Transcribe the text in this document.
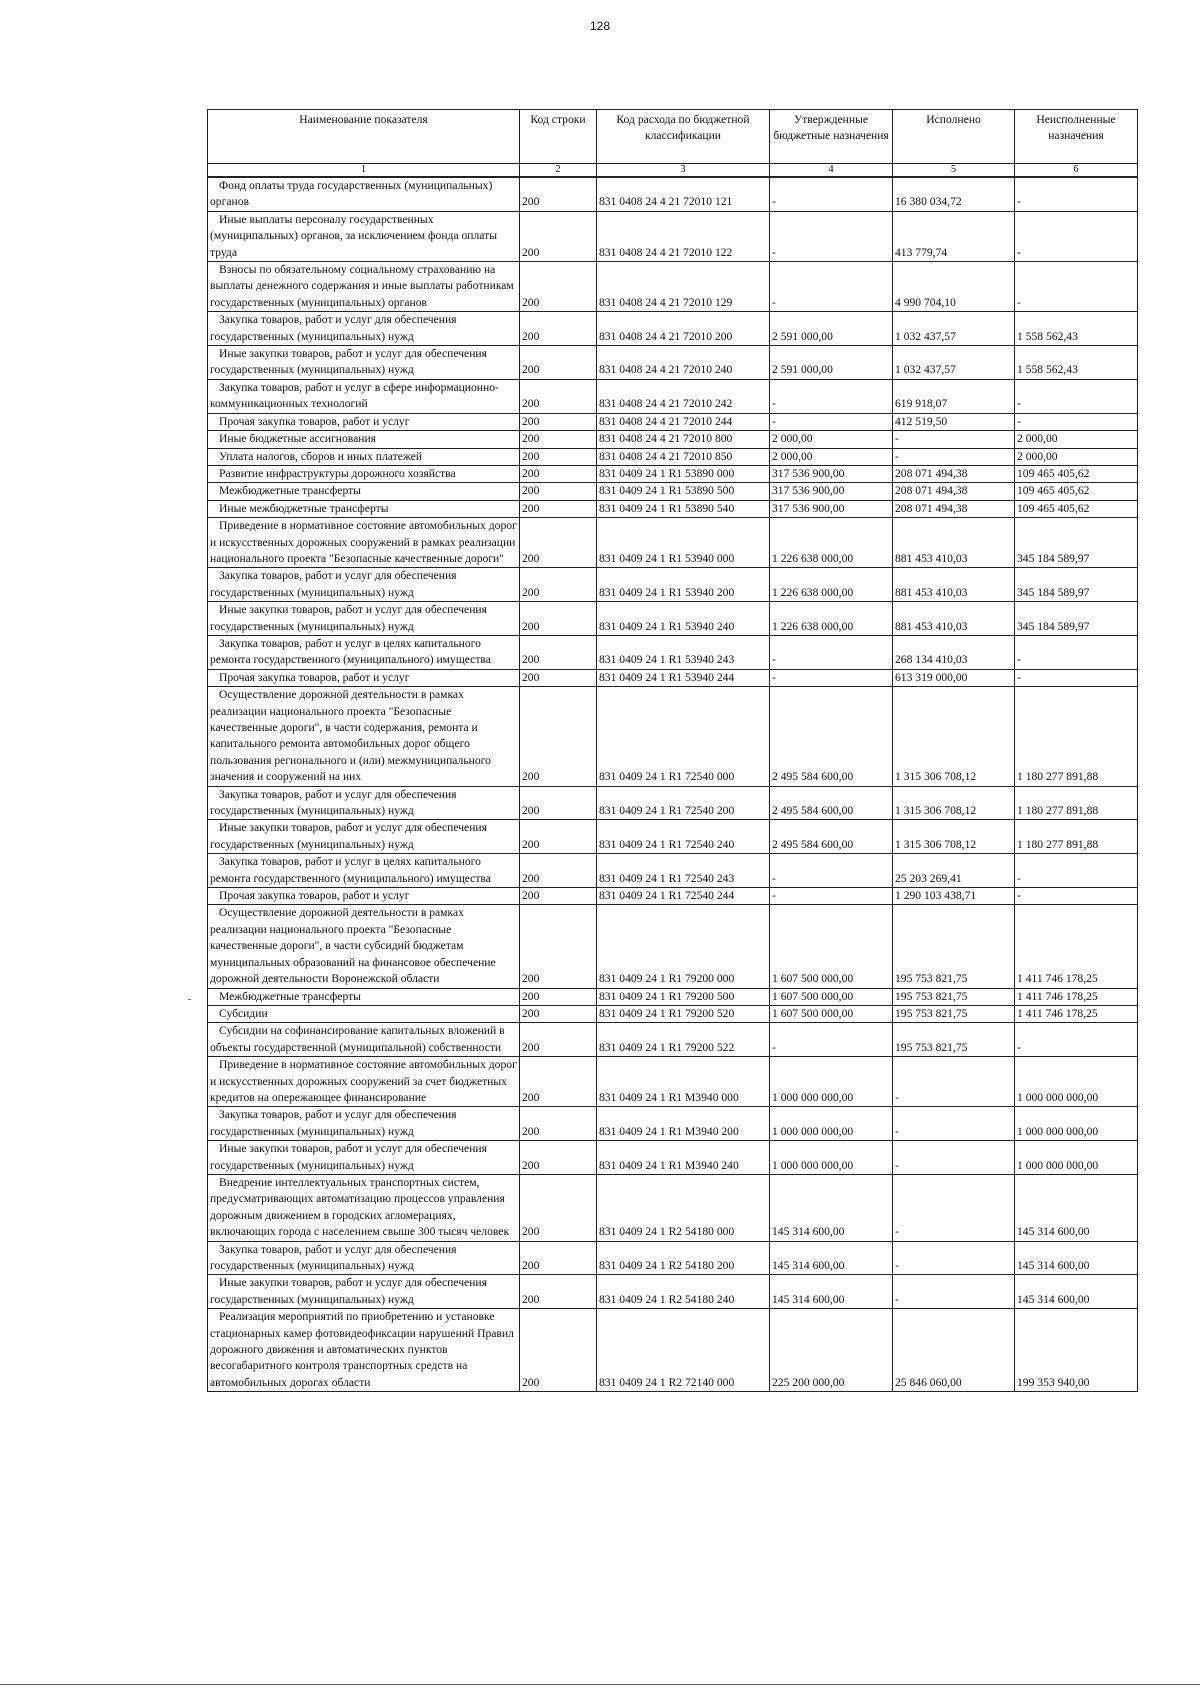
128
Наименование показателя	Код строки	Код расхода по бюджетной классификации	Утвержденные бюджетные назначения	Исполнено	Неисполненные назначения
1	2	3	4	5	6
Фонд оплаты труда государственных (муниципальных) органов	200	831 0408 24 4 21 72010 121	-	16 380 034,72	-
Иные выплаты персоналу государственных (муниципальных) органов, за исключением фонда оплаты труда	200	831 0408 24 4 21 72010 122	-	413 779,74	-
Взносы по обязательному социальному страхованию на выплаты денежного содержания и иные выплаты работникам государственных (муниципальных) органов	200	831 0408 24 4 21 72010 129	-	4 990 704,10	-
Закупка товаров, работ и услуг для обеспечения государственных (муниципальных) нужд	200	831 0408 24 4 21 72010 200	2 591 000,00	1 032 437,57	1 558 562,43
Иные закупки товаров, работ и услуг для обеспечения государственных (муниципальных) нужд	200	831 0408 24 4 21 72010 240	2 591 000,00	1 032 437,57	1 558 562,43
Закупка товаров, работ и услуг в сфере информационно-коммуникационных технологий	200	831 0408 24 4 21 72010 242	-	619 918,07	-
Прочая закупка товаров, работ и услуг	200	831 0408 24 4 21 72010 244	-	412 519,50	-
Иные бюджетные ассигнования	200	831 0408 24 4 21 72010 800	2 000,00	-	2 000,00
Уплата налогов, сборов и иных платежей	200	831 0408 24 4 21 72010 850	2 000,00	-	2 000,00
Развитие инфраструктуры дорожного хозяйства	200	831 0409 24 1 R1 53890 000	317 536 900,00	208 071 494,38	109 465 405,62
Межбюджетные трансферты	200	831 0409 24 1 R1 53890 500	317 536 900,00	208 071 494,38	109 465 405,62
Иные межбюджетные трансферты	200	831 0409 24 1 R1 53890 540	317 536 900,00	208 071 494,38	109 465 405,62
Приведение в нормативное состояние автомобильных дорог и искусственных дорожных сооружений в рамках реализации национального проекта "Безопасные качественные дороги"	200	831 0409 24 1 R1 53940 000	1 226 638 000,00	881 453 410,03	345 184 589,97
Закупка товаров, работ и услуг для обеспечения государственных (муниципальных) нужд	200	831 0409 24 1 R1 53940 200	1 226 638 000,00	881 453 410,03	345 184 589,97
Иные закупки товаров, работ и услуг для обеспечения государственных (муниципальных) нужд	200	831 0409 24 1 R1 53940 240	1 226 638 000,00	881 453 410,03	345 184 589,97
Закупка товаров, работ и услуг в целях капитального ремонта государственного (муниципального) имущества	200	831 0409 24 1 R1 53940 243	-	268 134 410,03	-
Прочая закупка товаров, работ и услуг	200	831 0409 24 1 R1 53940 244	-	613 319 000,00	-
Осуществление дорожной деятельности в рамках реализации национального проекта "Безопасные качественные дороги", в части содержания, ремонта и капитального ремонта автомобильных дорог общего пользования регионального и (или) межмуниципального значения и сооружений на них	200	831 0409 24 1 R1 72540 000	2 495 584 600,00	1 315 306 708,12	1 180 277 891,88
Закупка товаров, работ и услуг для обеспечения государственных (муниципальных) нужд	200	831 0409 24 1 R1 72540 200	2 495 584 600,00	1 315 306 708,12	1 180 277 891,88
Иные закупки товаров, работ и услуг для обеспечения государственных (муниципальных) нужд	200	831 0409 24 1 R1 72540 240	2 495 584 600,00	1 315 306 708,12	1 180 277 891,88
Закупка товаров, работ и услуг в целях капитального ремонта государственного (муниципального) имущества	200	831 0409 24 1 R1 72540 243	-	25 203 269,41	-
Прочая закупка товаров, работ и услуг	200	831 0409 24 1 R1 72540 244	-	1 290 103 438,71	-
Осуществление дорожной деятельности в рамках реализации национального проекта "Безопасные качественные дороги", в части субсидий бюджетам муниципальных образований на финансовое обеспечение дорожной деятельности Воронежской области	200	831 0409 24 1 R1 79200 000	1 607 500 000,00	195 753 821,75	1 411 746 178,25
Межбюджетные трансферты	200	831 0409 24 1 R1 79200 500	1 607 500 000,00	195 753 821,75	1 411 746 178,25
Субсидии	200	831 0409 24 1 R1 79200 520	1 607 500 000,00	195 753 821,75	1 411 746 178,25
Субсидии на софинансирование капитальных вложений в объекты государственной (муниципальной) собственности	200	831 0409 24 1 R1 79200 522	-	195 753 821,75	-
Приведение в нормативное состояние автомобильных дорог и искусственных дорожных сооружений за счет бюджетных кредитов на опережающее финансирование	200	831 0409 24 1 R1 M3940 000	1 000 000 000,00	-	1 000 000 000,00
Закупка товаров, работ и услуг для обеспечения государственных (муниципальных) нужд	200	831 0409 24 1 R1 M3940 200	1 000 000 000,00	-	1 000 000 000,00
Иные закупки товаров, работ и услуг для обеспечения государственных (муниципальных) нужд	200	831 0409 24 1 R1 M3940 240	1 000 000 000,00	-	1 000 000 000,00
Внедрение интеллектуальных транспортных систем, предусматривающих автоматизацию процессов управления дорожным движением в городских агломерациях, включающих города с населением свыше 300 тысяч человек	200	831 0409 24 1 R2 54180 000	145 314 600,00	-	145 314 600,00
Закупка товаров, работ и услуг для обеспечения государственных (муниципальных) нужд	200	831 0409 24 1 R2 54180 200	145 314 600,00	-	145 314 600,00
Иные закупки товаров, работ и услуг для обеспечения государственных (муниципальных) нужд	200	831 0409 24 1 R2 54180 240	145 314 600,00	-	145 314 600,00
Реализация мероприятий по приобретению и установке стационарных камер фотовидеофиксации нарушений Правил дорожного движения и автоматических пунктов весогабаритного контроля транспортных средств на автомобильных дорогах области	200	831 0409 24 1 R2 72140 000	225 200 000,00	25 846 060,00	199 353 940,00
